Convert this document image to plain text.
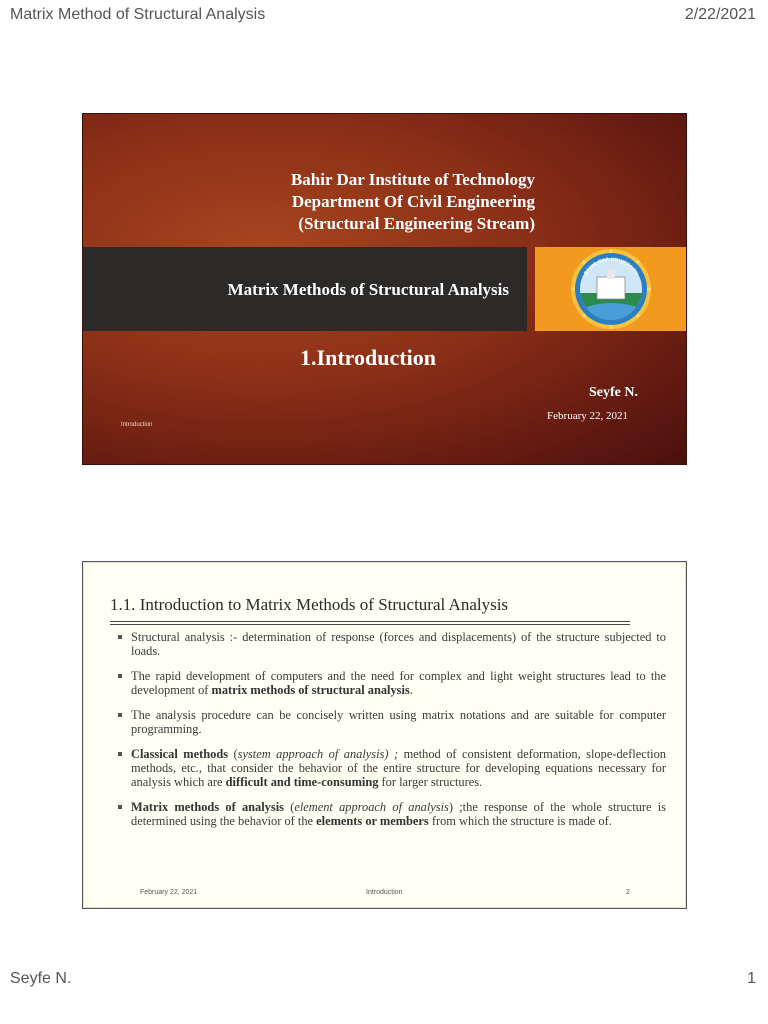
Matrix Method of Structural Analysis	2/22/2021
Bahir Dar Institute of Technology
Department Of Civil Engineering
(Structural Engineering Stream)
Matrix Methods of Structural Analysis
BAHIR DAR UNIVERSITY
1.Introduction
Seyfe N.
February 22, 2021
Introduction
1.1. Introduction to Matrix Methods of Structural Analysis
Structural analysis :- determination of response (forces and displacements) of the structure subjected to loads.
The rapid development of computers and the need for complex and light weight structures lead to the development of matrix methods of structural analysis.
The analysis procedure can be concisely written using matrix notations and are suitable for computer programming.
Classical methods (system approach of analysis) ; method of consistent deformation, slope-deflection methods, etc., that consider the behavior of the entire structure for developing equations necessary for analysis which are difficult and time-consuming for larger structures.
Matrix methods of analysis (element approach of analysis) ;the response of the whole structure is determined using the behavior of the elements or members from which the structure is made of.
February 22, 2021	Introduction	2
Seyfe N.	1
